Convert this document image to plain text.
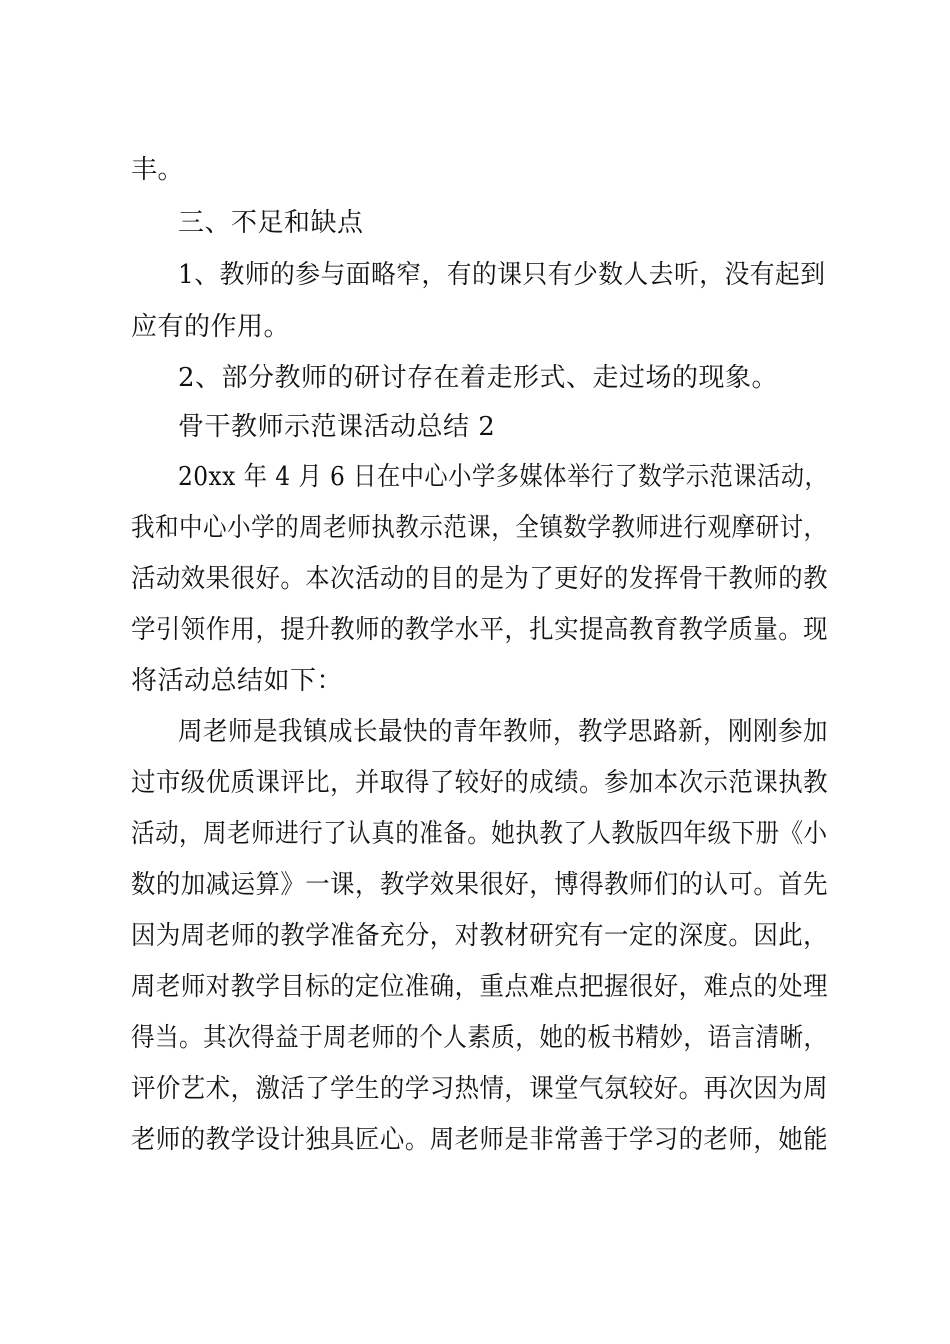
丰。
三、不足和缺点
1、教师的参与面略窄，有的课只有少数人去听，没有起到
应有的作用。
2、部分教师的研讨存在着走形式、走过场的现象。
骨干教师示范课活动总结 2
20xx 年 4 月 6 日在中心小学多媒体举行了数学示范课活动，
我和中心小学的周老师执教示范课，全镇数学教师进行观摩研讨，
活动效果很好。本次活动的目的是为了更好的发挥骨干教师的教
学引领作用，提升教师的教学水平，扎实提高教育教学质量。现
将活动总结如下：
周老师是我镇成长最快的青年教师，教学思路新，刚刚参加
过市级优质课评比，并取得了较好的成绩。参加本次示范课执教
活动，周老师进行了认真的准备。她执教了人教版四年级下册《小
数的加减运算》一课，教学效果很好，博得教师们的认可。首先
因为周老师的教学准备充分，对教材研究有一定的深度。因此，
周老师对教学目标的定位准确，重点难点把握很好，难点的处理
得当。其次得益于周老师的个人素质，她的板书精妙，语言清晰，
评价艺术，激活了学生的学习热情，课堂气氛较好。再次因为周
老师的教学设计独具匠心。周老师是非常善于学习的老师，她能
